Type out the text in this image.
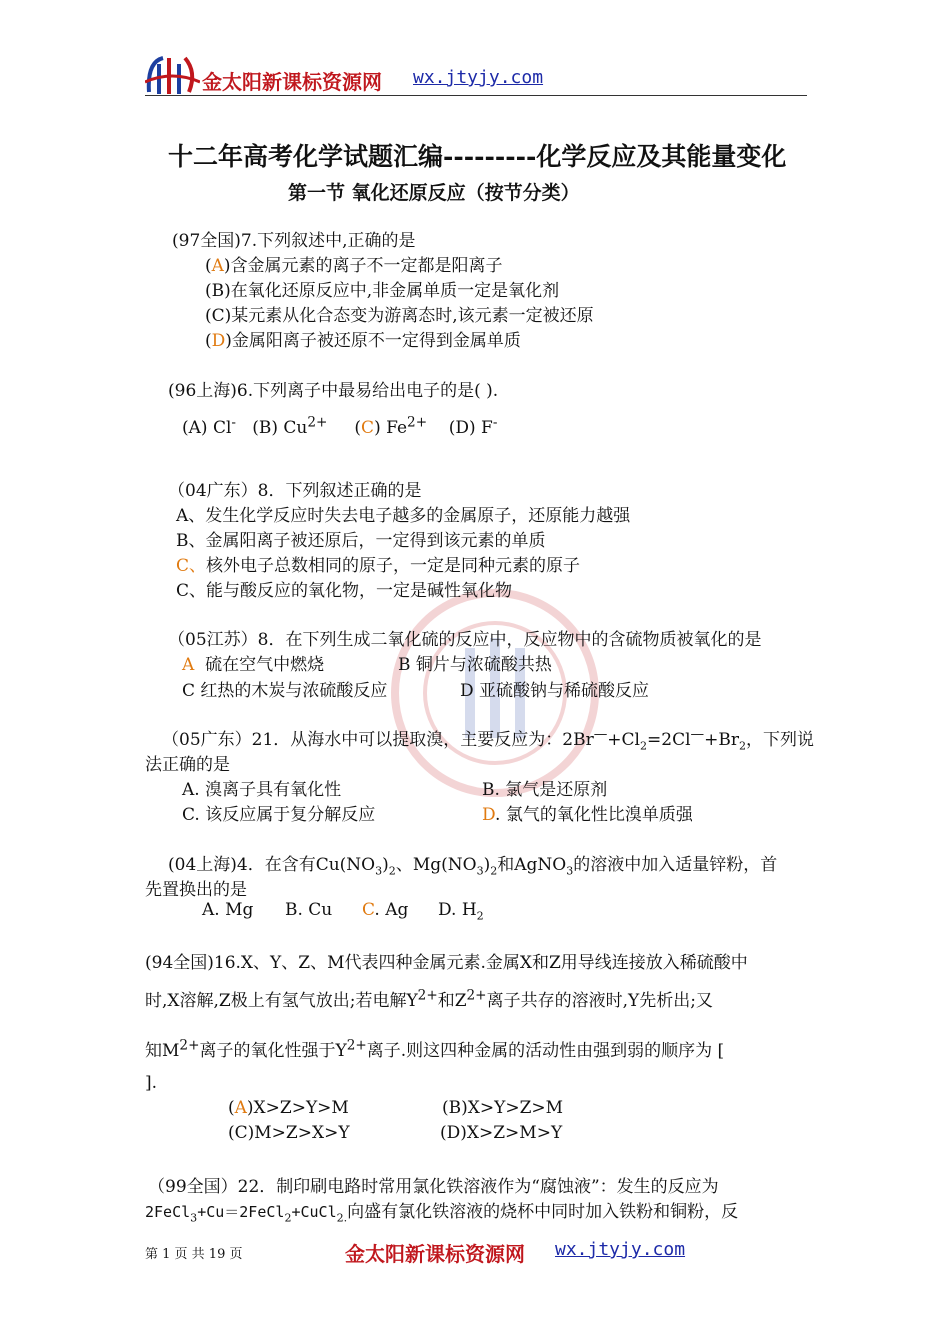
金太阳新课标资源网 wx.jtyjy.com
十二年高考化学试题汇编---------化学反应及其能量变化
第一节 氧化还原反应（按节分类）
(97全国)7.下列叙述中,正确的是
(A)含金属元素的离子不一定都是阳离子
(B)在氧化还原反应中,非金属单质一定是氧化剂
(C)某元素从化合态变为游离态时,该元素一定被还原
(D)金属阳离子被还原不一定得到金属单质
(96上海)6.下列离子中最易给出电子的是( ).
(A) Cl- (B) $Cu^{2+}$ (C) $Fe^{2+}$ (D) F-
（04广东）8．下列叙述正确的是
A、发生化学反应时失去电子越多的金属原子，还原能力越强
B、金属阳离子被还原后，一定得到该元素的单质
C、核外电子总数相同的原子，一定是同种元素的原子
C、能与酸反应的氧化物，一定是碱性氧化物
（05江苏）8．在下列生成二氧化硫的反应中，反应物中的含硫物质被氧化的是
A 硫在空气中燃烧	B 铜片与浓硫酸共热
C 红热的木炭与浓硫酸反应	D 亚硫酸钠与稀硫酸反应
（05广东）21．从海水中可以提取溴，主要反应为：$2Br^—+Cl_2=2Cl^—+Br_2$，下列说
法正确的是
A. 溴离子具有氧化性	B. 氯气是还原剂
C. 该反应属于复分解反应	D. 氯气的氧化性比溴单质强
(04上海)4．在含有$Cu(NO_3)_2$、$Mg(NO_3)_2$和AgNO$_3$的溶液中加入适量锌粉，首
先置换出的是
A. Mg B. Cu C. Ag D. $H_2$
(94全国)16.X、Y、Z、M代表四种金属元素.金属X和Z用导线连接放入稀硫酸中
时,X溶解,Z极上有氢气放出;若电解$Y^{2+}$和$Z^{2+}$离子共存的溶液时,Y先析出;又
知$M^{2+}$离子的氧化性强于$Y^{2+}$离子.则这四种金属的活动性由强到弱的顺序为 [
].
(A)X>Z>Y>M	(B)X>Y>Z>M
(C)M>Z>X>Y	(D)X>Z>M>Y
（99全国）22．制印刷电路时常用氯化铁溶液作为“腐蚀液”：发生的反应为
2FeCl$_3$+Cu＝2FeCl$_2$+CuCl$_{2.}$向盛有氯化铁溶液的烧杯中同时加入铁粉和铜粉，反
第 1 页 共 19 页	金太阳新课标资源网 wx.jtyjy.com
